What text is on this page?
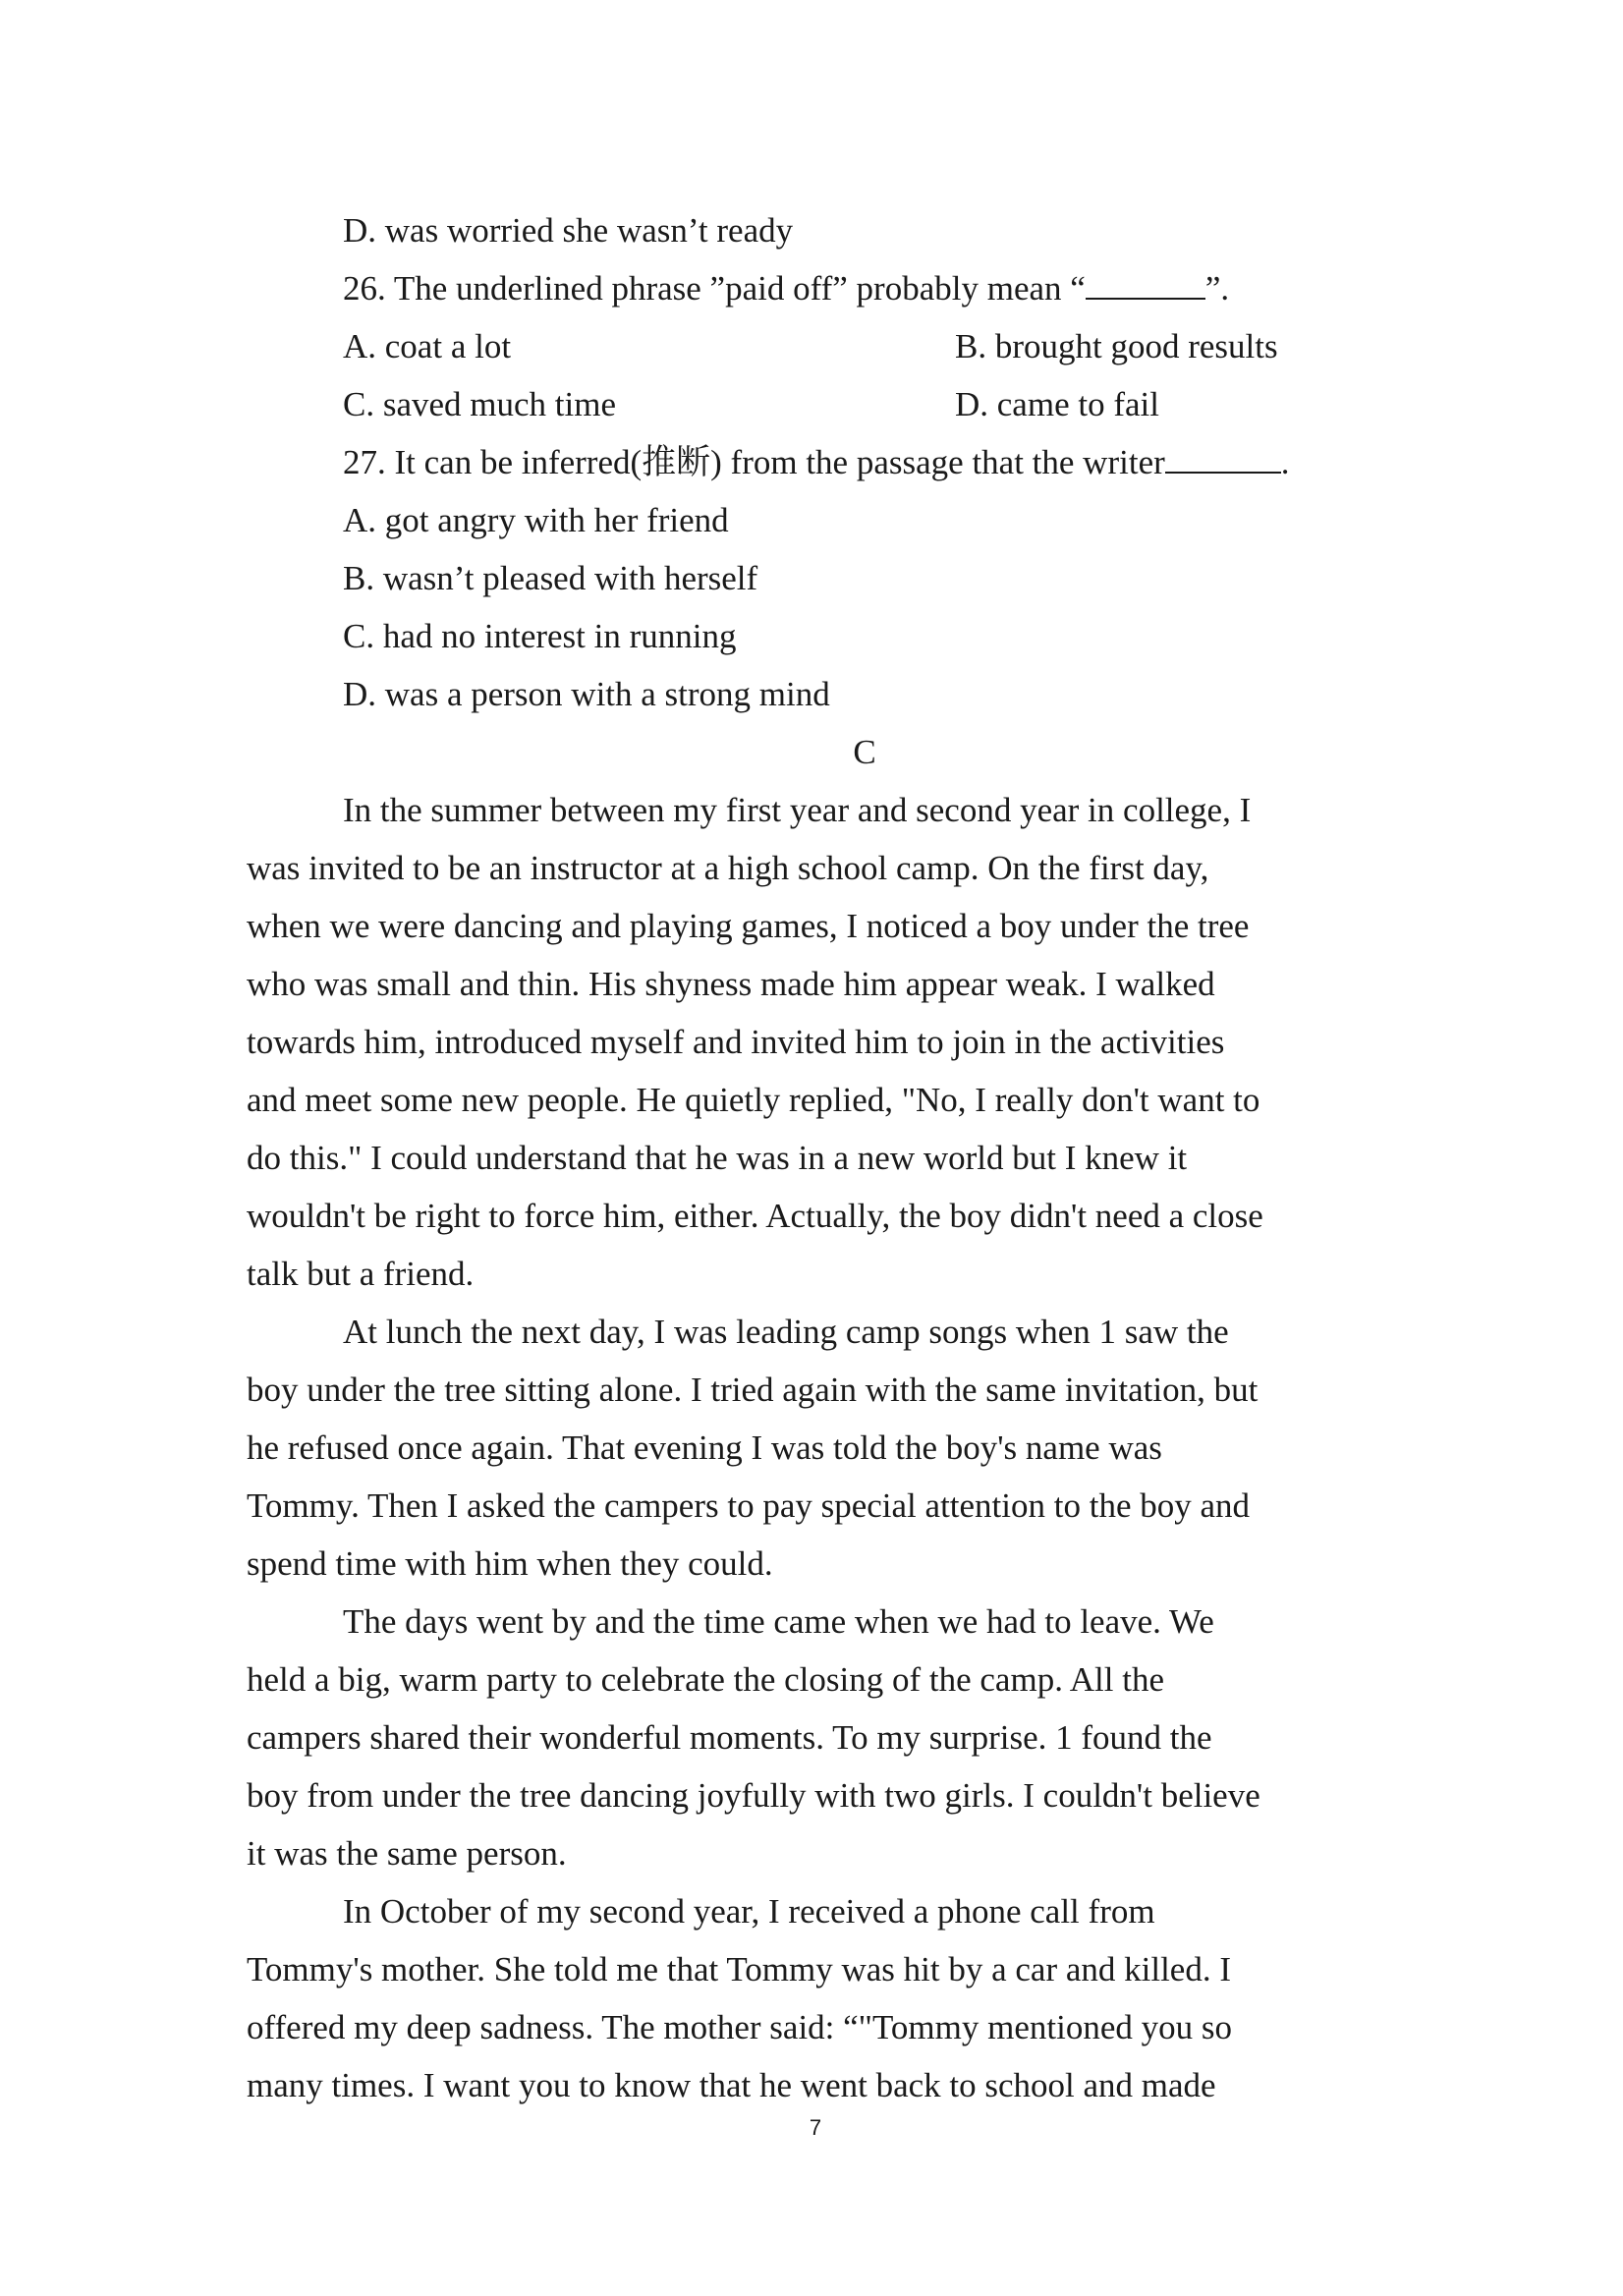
D. was worried she wasn’t ready
26. The underlined phrase ”paid off” probably mean “	”.
A. coat a lot	B. brought good results
C. saved much time	D. came to fail
27. It can be inferred(推断) from the passage that the writer	.
A. got angry with her friend
B. wasn’t pleased with herself
C. had no interest in running
D. was a person with a strong mind
C
In the summer between my first year and second year in college, I
was invited to be an instructor at a high school camp. On the first day,
when we were dancing and playing games, I noticed a boy under the tree
who was small and thin. His shyness made him appear weak. I walked
towards him, introduced myself and invited him to join in the activities
and meet some new people. He quietly replied, "No, I really don't want to
do this." I could understand that he was in a new world but I knew it
wouldn't be right to force him, either. Actually, the boy didn't need a close
talk but a friend.
At lunch the next day, I was leading camp songs when 1 saw the
boy under the tree sitting alone. I tried again with the same invitation, but
he refused once again. That evening I was told the boy's name was
Tommy. Then I asked the campers to pay special attention to the boy and
spend time with him when they could.
The days went by and the time came when we had to leave. We
held a big, warm party to celebrate the closing of the camp. All the
campers shared their wonderful moments. To my surprise. 1 found the
boy from under the tree dancing joyfully with two girls. I couldn't believe
it was the same person.
In October of my second year, I received a phone call from
Tommy's mother. She told me that Tommy was hit by a car and killed. I
offered my deep sadness. The mother said: “"Tommy mentioned you so
many times. I want you to know that he went back to school and made
7
